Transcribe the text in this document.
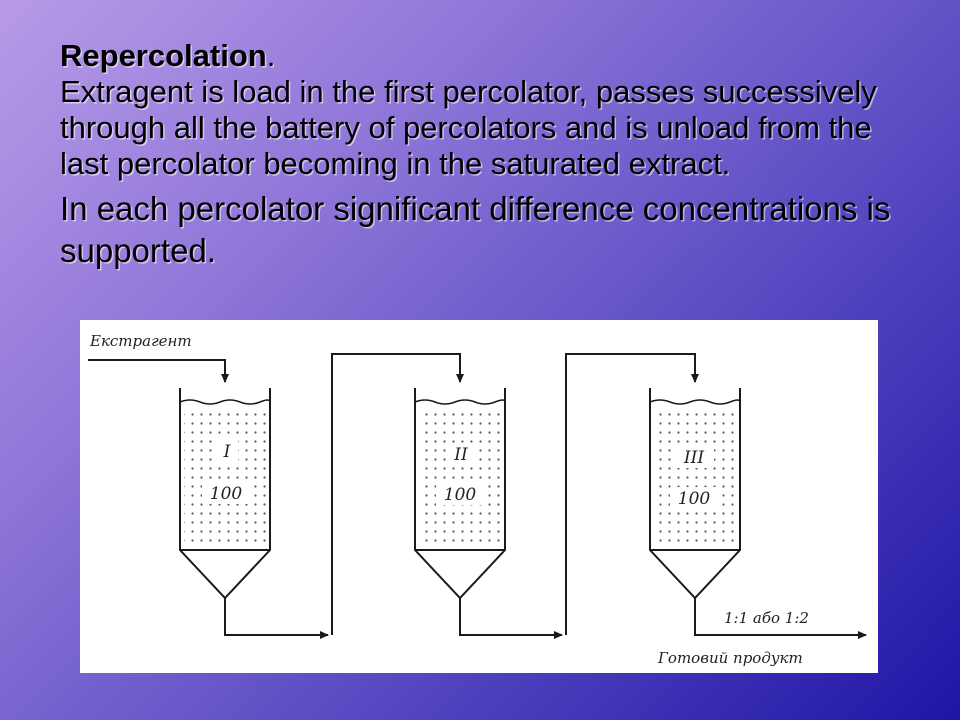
Repercolation.
Extragent is load in the first percolator, passes successively through all the battery of percolators and is unload from the last percolator becoming in the saturated extract.

In each percolator significant difference concentrations is supported.

Екстрагент
I
100
II
100
III
100
1:1 або 1:2
Готовий продукт
